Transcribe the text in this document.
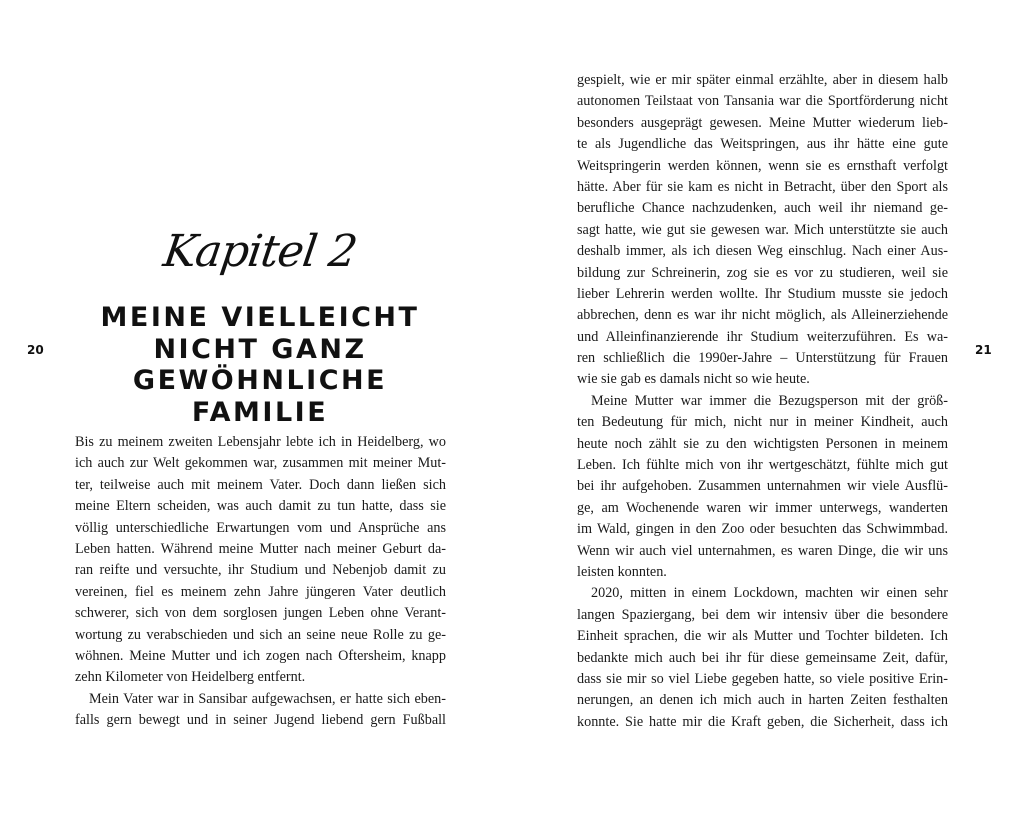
20
Kapitel 2
MEINE VIELLEICHT
NICHT GANZ
GEWÖHNLICHE FAMILIE
Bis zu meinem zweiten Lebensjahr lebte ich in Heidelberg, wo
ich auch zur Welt gekommen war, zusammen mit meiner Mut-
ter, teilweise auch mit meinem Vater. Doch dann ließen sich
meine Eltern scheiden, was auch damit zu tun hatte, dass sie
völlig unterschiedliche Erwartungen vom und Ansprüche ans
Leben hatten. Während meine Mutter nach meiner Geburt da-
ran reifte und versuchte, ihr Studium und Nebenjob damit zu
vereinen, fiel es meinem zehn Jahre jüngeren Vater deutlich
schwerer, sich von dem sorglosen jungen Leben ohne Verant-
wortung zu verabschieden und sich an seine neue Rolle zu ge-
wöhnen. Meine Mutter und ich zogen nach Oftersheim, knapp
zehn Kilometer von Heidelberg entfernt.
Mein Vater war in Sansibar aufgewachsen, er hatte sich eben-
falls gern bewegt und in seiner Jugend liebend gern Fußball
21
gespielt, wie er mir später einmal erzählte, aber in diesem halb
autonomen Teilstaat von Tansania war die Sportförderung nicht
besonders ausgeprägt gewesen. Meine Mutter wiederum lieb-
te als Jugendliche das Weitspringen, aus ihr hätte eine gute
Weitspringerin werden können, wenn sie es ernsthaft verfolgt
hätte. Aber für sie kam es nicht in Betracht, über den Sport als
berufliche Chance nachzudenken, auch weil ihr niemand ge-
sagt hatte, wie gut sie gewesen war. Mich unterstützte sie auch
deshalb immer, als ich diesen Weg einschlug. Nach einer Aus-
bildung zur Schreinerin, zog sie es vor zu studieren, weil sie
lieber Lehrerin werden wollte. Ihr Studium musste sie jedoch
abbrechen, denn es war ihr nicht möglich, als Alleinerziehende
und Alleinfinanzierende ihr Studium weiterzuführen. Es wa-
ren schließlich die 1990er-Jahre – Unterstützung für Frauen
wie sie gab es damals nicht so wie heute.
Meine Mutter war immer die Bezugsperson mit der größ-
ten Bedeutung für mich, nicht nur in meiner Kindheit, auch
heute noch zählt sie zu den wichtigsten Personen in meinem
Leben. Ich fühlte mich von ihr wertgeschätzt, fühlte mich gut
bei ihr aufgehoben. Zusammen unternahmen wir viele Ausflü-
ge, am Wochenende waren wir immer unterwegs, wanderten
im Wald, gingen in den Zoo oder besuchten das Schwimmbad.
Wenn wir auch viel unternahmen, es waren Dinge, die wir uns
leisten konnten.
2020, mitten in einem Lockdown, machten wir einen sehr
langen Spaziergang, bei dem wir intensiv über die besondere
Einheit sprachen, die wir als Mutter und Tochter bildeten. Ich
bedankte mich auch bei ihr für diese gemeinsame Zeit, dafür,
dass sie mir so viel Liebe gegeben hatte, so viele positive Erin-
nerungen, an denen ich mich auch in harten Zeiten festhalten
konnte. Sie hatte mir die Kraft geben, die Sicherheit, dass ich
